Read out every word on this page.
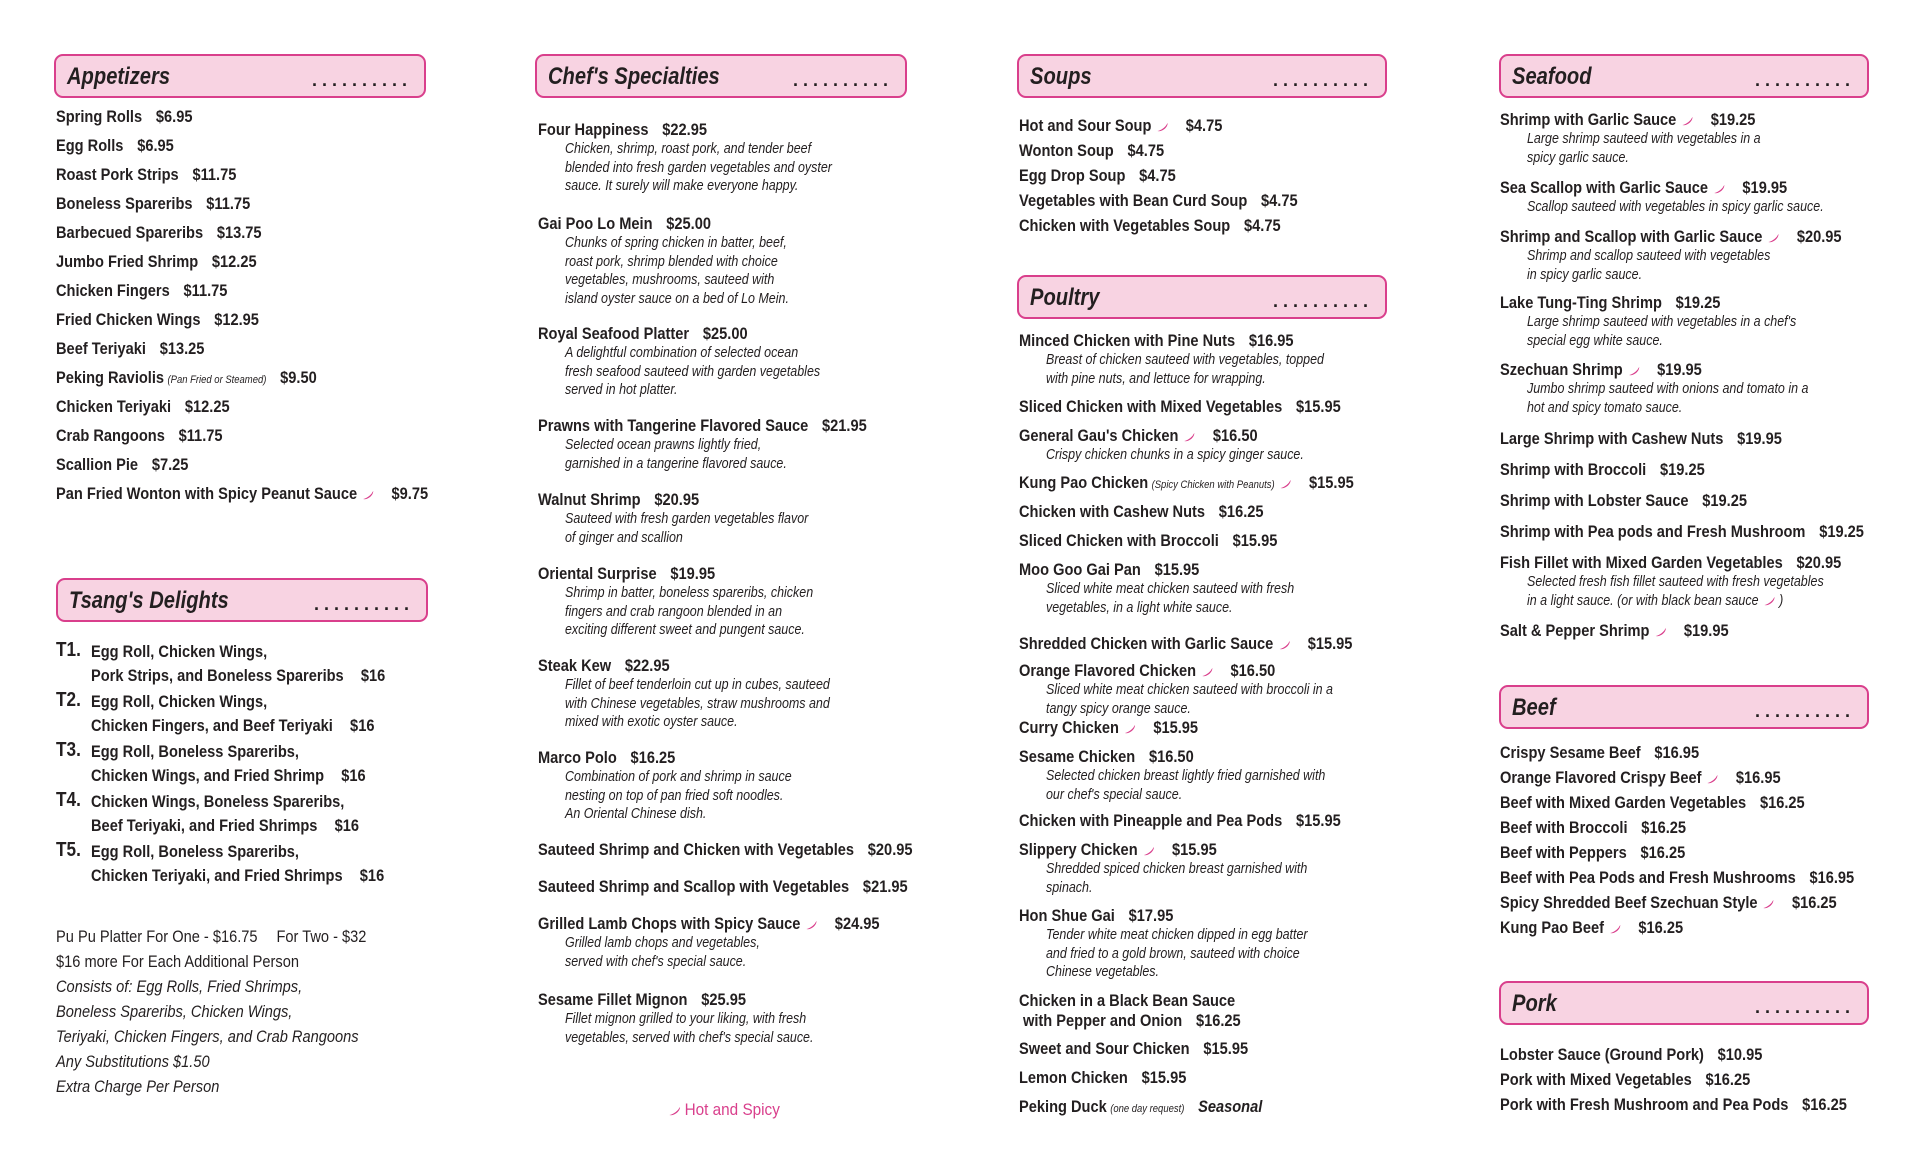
Appetizers	..........
Spring Rolls $6.95
Egg Rolls $6.95
Roast Pork Strips $11.75
Boneless Spareribs $11.75
Barbecued Spareribs $13.75
Jumbo Fried Shrimp $12.25
Chicken Fingers $11.75
Fried Chicken Wings $12.95
Beef Teriyaki $13.25
Peking Raviolis (Pan Fried or Steamed) $9.50
Chicken Teriyaki $12.25
Crab Rangoons $11.75
Scallion Pie $7.25
Pan Fried Wonton with Spicy Peanut Sauce $9.75
Tsang's Delights	..........
T1. Egg Roll, Chicken Wings,
Pork Strips, and Boneless Spareribs $16
T2. Egg Roll, Chicken Wings,
Chicken Fingers, and Beef Teriyaki $16
T3. Egg Roll, Boneless Spareribs,
Chicken Wings, and Fried Shrimp $16
T4. Chicken Wings, Boneless Spareribs,
Beef Teriyaki, and Fried Shrimps $16
T5. Egg Roll, Boneless Spareribs,
Chicken Teriyaki, and Fried Shrimps $16
Pu Pu Platter For One - $16.75 For Two - $32
$16 more For Each Additional Person
Consists of: Egg Rolls, Fried Shrimps,
Boneless Spareribs, Chicken Wings,
Teriyaki, Chicken Fingers, and Crab Rangoons
Any Substitutions $1.50
Extra Charge Per Person
Chef's Specialties	..........
Four Happiness $22.95
Chicken, shrimp, roast pork, and tender beef
blended into fresh garden vegetables and oyster
sauce. It surely will make everyone happy.
Gai Poo Lo Mein $25.00
Chunks of spring chicken in batter, beef,
roast pork, shrimp blended with choice
vegetables, mushrooms, sauteed with
island oyster sauce on a bed of Lo Mein.
Royal Seafood Platter $25.00
A delightful combination of selected ocean
fresh seafood sauteed with garden vegetables
served in hot platter.
Prawns with Tangerine Flavored Sauce $21.95
Selected ocean prawns lightly fried,
garnished in a tangerine flavored sauce.
Walnut Shrimp $20.95
Sauteed with fresh garden vegetables flavor
of ginger and scallion
Oriental Surprise $19.95
Shrimp in batter, boneless spareribs, chicken
fingers and crab rangoon blended in an
exciting different sweet and pungent sauce.
Steak Kew $22.95
Fillet of beef tenderloin cut up in cubes, sauteed
with Chinese vegetables, straw mushrooms and
mixed with exotic oyster sauce.
Marco Polo $16.25
Combination of pork and shrimp in sauce
nesting on top of pan fried soft noodles.
An Oriental Chinese dish.
Sauteed Shrimp and Chicken with Vegetables $20.95
Sauteed Shrimp and Scallop with Vegetables $21.95
Grilled Lamb Chops with Spicy Sauce $24.95
Grilled lamb chops and vegetables,
served with chef's special sauce.
Sesame Fillet Mignon $25.95
Fillet mignon grilled to your liking, with fresh
vegetables, served with chef's special sauce.
Hot and Spicy
Soups	..........
Hot and Sour Soup $4.75
Wonton Soup $4.75
Egg Drop Soup $4.75
Vegetables with Bean Curd Soup $4.75
Chicken with Vegetables Soup $4.75
Poultry	..........
Minced Chicken with Pine Nuts $16.95
Breast of chicken sauteed with vegetables, topped
with pine nuts, and lettuce for wrapping.
Sliced Chicken with Mixed Vegetables $15.95
General Gau's Chicken $16.50
Crispy chicken chunks in a spicy ginger sauce.
Kung Pao Chicken (Spicy Chicken with Peanuts) $15.95
Chicken with Cashew Nuts $16.25
Sliced Chicken with Broccoli $15.95
Moo Goo Gai Pan $15.95
Sliced white meat chicken sauteed with fresh
vegetables, in a light white sauce.
Shredded Chicken with Garlic Sauce $15.95
Orange Flavored Chicken $16.50
Sliced white meat chicken sauteed with broccoli in a
tangy spicy orange sauce.
Curry Chicken $15.95
Sesame Chicken $16.50
Selected chicken breast lightly fried garnished with
our chef's special sauce.
Chicken with Pineapple and Pea Pods $15.95
Slippery Chicken $15.95
Shredded spiced chicken breast garnished with
spinach.
Hon Shue Gai $17.95
Tender white meat chicken dipped in egg batter
and fried to a gold brown, sauteed with choice
Chinese vegetables.
Chicken in a Black Bean Sauce
with Pepper and Onion $16.25
Sweet and Sour Chicken $15.95
Lemon Chicken $15.95
Peking Duck (one day request) Seasonal
Seafood	..........
Shrimp with Garlic Sauce $19.25
Large shrimp sauteed with vegetables in a
spicy garlic sauce.
Sea Scallop with Garlic Sauce $19.95
Scallop sauteed with vegetables in spicy garlic sauce.
Shrimp and Scallop with Garlic Sauce $20.95
Shrimp and scallop sauteed with vegetables
in spicy garlic sauce.
Lake Tung-Ting Shrimp $19.25
Large shrimp sauteed with vegetables in a chef's
special egg white sauce.
Szechuan Shrimp $19.95
Jumbo shrimp sauteed with onions and tomato in a
hot and spicy tomato sauce.
Large Shrimp with Cashew Nuts $19.95
Shrimp with Broccoli $19.25
Shrimp with Lobster Sauce $19.25
Shrimp with Pea pods and Fresh Mushroom $19.25
Fish Fillet with Mixed Garden Vegetables $20.95
Selected fresh fish fillet sauteed with fresh vegetables
in a light sauce. (or with black bean sauce )
Salt & Pepper Shrimp $19.95
Beef	..........
Crispy Sesame Beef $16.95
Orange Flavored Crispy Beef $16.95
Beef with Mixed Garden Vegetables $16.25
Beef with Broccoli $16.25
Beef with Peppers $16.25
Beef with Pea Pods and Fresh Mushrooms $16.95
Spicy Shredded Beef Szechuan Style $16.25
Kung Pao Beef $16.25
Pork	..........
Lobster Sauce (Ground Pork) $10.95
Pork with Mixed Vegetables $16.25
Pork with Fresh Mushroom and Pea Pods $16.25
